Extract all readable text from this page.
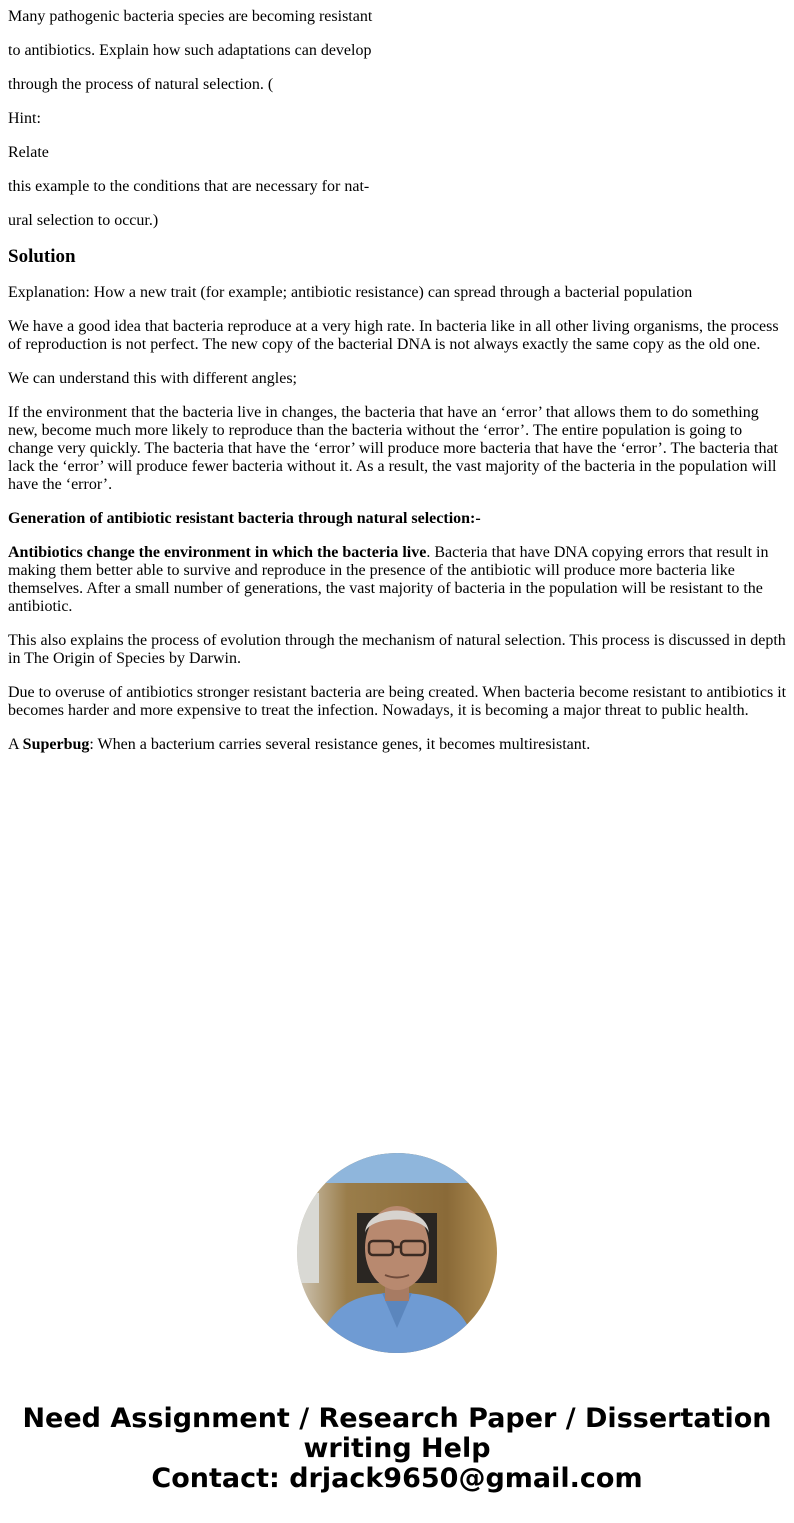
Many pathogenic bacteria species are becoming resistant

to antibiotics. Explain how such adaptations can develop

through the process of natural selection. (

Hint:

Relate

this example to the conditions that are necessary for nat-

ural selection to occur.)

Solution

Explanation: How a new trait (for example; antibiotic resistance) can spread through a bacterial population

We have a good idea that bacteria reproduce at a very high rate. In bacteria like in all other living organisms, the process of reproduction is not perfect. The new copy of the bacterial DNA is not always exactly the same copy as the old one.

We can understand this with different angles;

If the environment that the bacteria live in changes, the bacteria that have an ‘error’ that allows them to do something new, become much more likely to reproduce than the bacteria without the ‘error’. The entire population is going to change very quickly. The bacteria that have the ‘error’ will produce more bacteria that have the ‘error’. The bacteria that lack the ‘error’ will produce fewer bacteria without it. As a result, the vast majority of the bacteria in the population will have the ‘error’.

Generation of antibiotic resistant bacteria through natural selection:-

Antibiotics change the environment in which the bacteria live. Bacteria that have DNA copying errors that result in making them better able to survive and reproduce in the presence of the antibiotic will produce more bacteria like themselves. After a small number of generations, the vast majority of bacteria in the population will be resistant to the antibiotic.

This also explains the process of evolution through the mechanism of natural selection. This process is discussed in depth in The Origin of Species by Darwin.

Due to overuse of antibiotics stronger resistant bacteria are being created. When bacteria become resistant to antibiotics it becomes harder and more expensive to treat the infection. Nowadays, it is becoming a major threat to public health.

A Superbug: When a bacterium carries several resistance genes, it becomes multiresistant.

Need Assignment / Research Paper / Dissertation
writing Help
Contact: drjack9650@gmail.com
